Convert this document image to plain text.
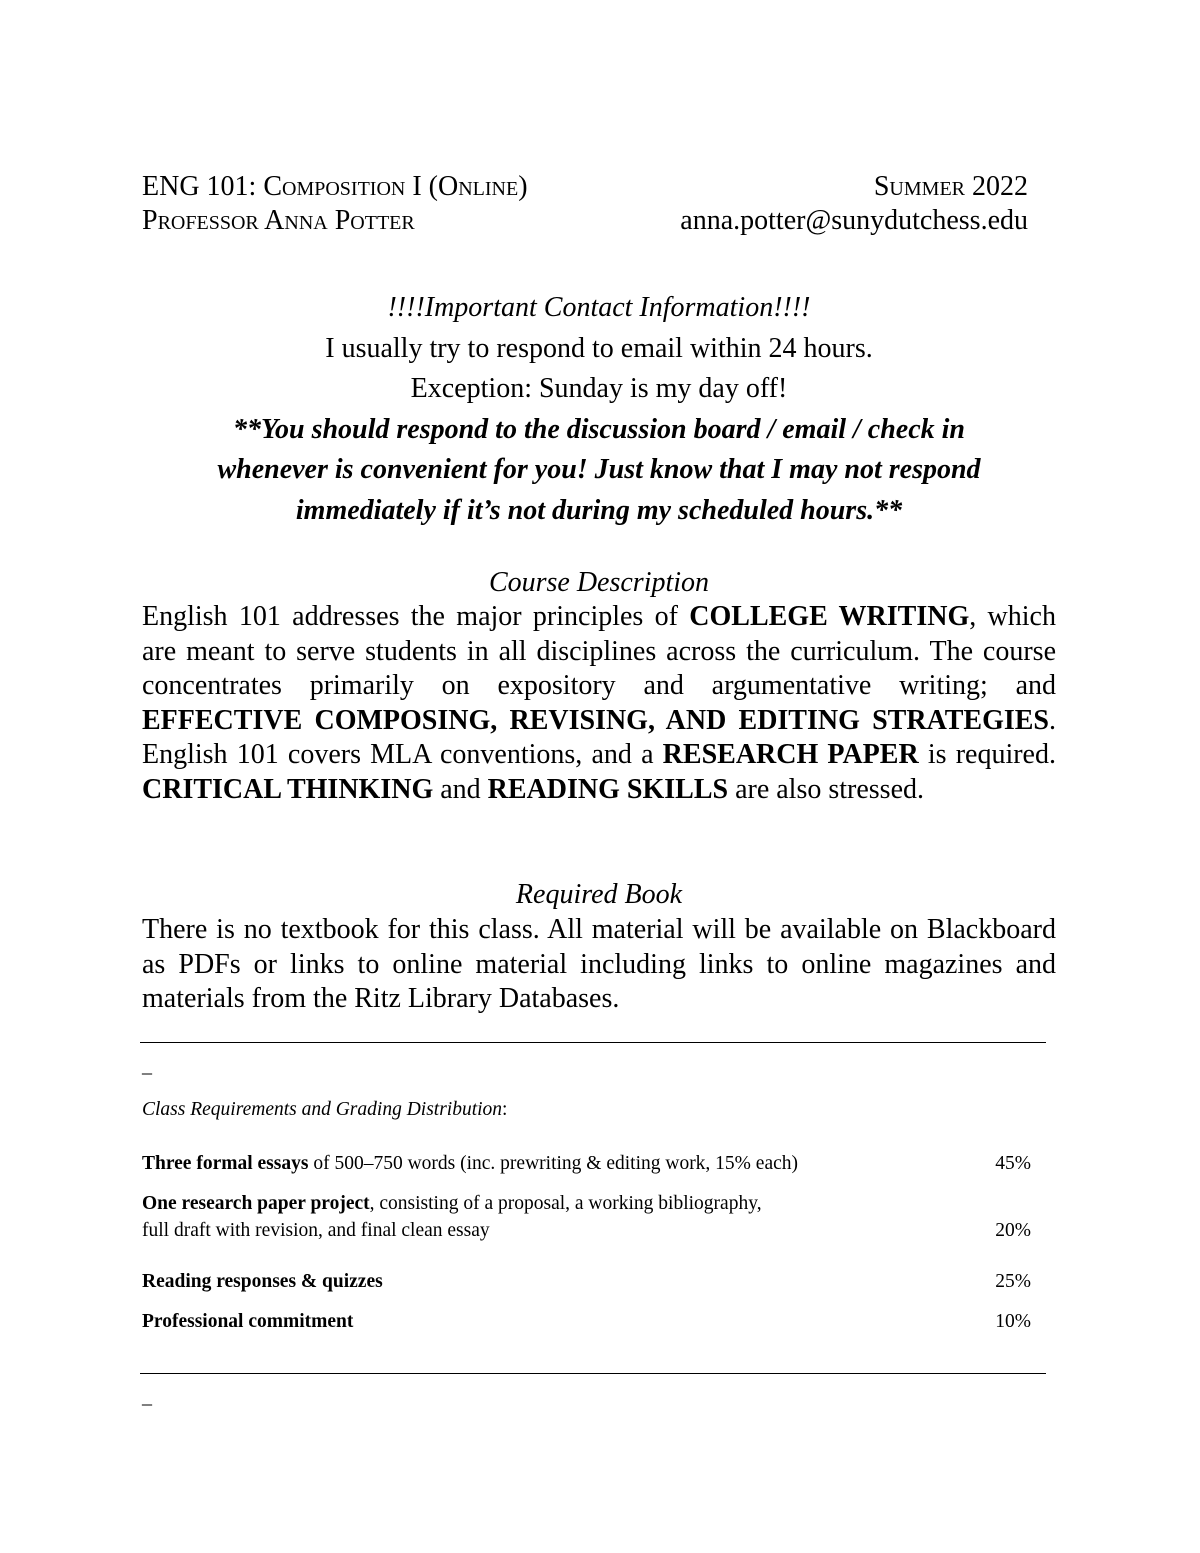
ENG 101: Composition I (Online)	Summer 2022
Professor Anna Potter	anna.potter@sunydutchess.edu
!!!!Important Contact Information!!!!
I usually try to respond to email within 24 hours.
Exception: Sunday is my day off!
**You should respond to the discussion board / email / check in
whenever is convenient for you! Just know that I may not respond
immediately if it’s not during my scheduled hours.**
Course Description
English 101 addresses the major principles of COLLEGE WRITING, which are meant to serve students in all disciplines across the curriculum. The course concentrates primarily on expository and argumentative writing; and EFFECTIVE COMPOSING, REVISING, AND EDITING STRATEGIES. English 101 covers MLA conventions, and a RESEARCH PAPER is required. CRITICAL THINKING and READING SKILLS are also stressed.
Required Book
There is no textbook for this class. All material will be available on Blackboard as PDFs or links to online material including links to online magazines and materials from the Ritz Library Databases.
_
Class Requirements and Grading Distribution:
Three formal essays of 500–750 words (inc. prewriting & editing work, 15% each)	45%
One research paper project, consisting of a proposal, a working bibliography,
full draft with revision, and final clean essay	20%
Reading responses & quizzes	25%
Professional commitment	10%
_
